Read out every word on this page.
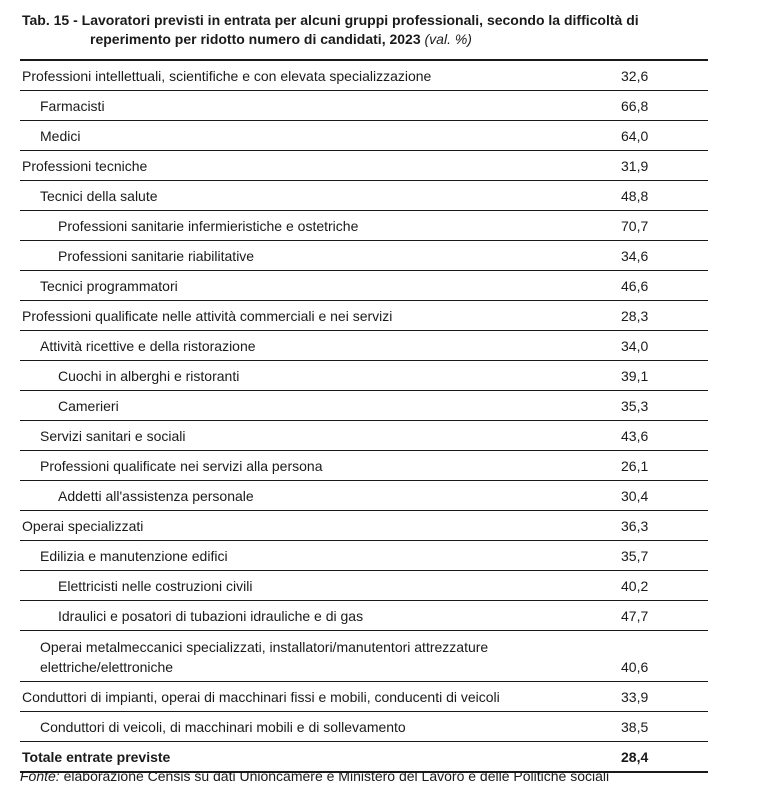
Tab. 15 - Lavoratori previsti in entrata per alcuni gruppi professionali, secondo la difficoltà di
reperimento per ridotto numero di candidati, 2023 (val. %)
Professioni intellettuali, scientifiche e con elevata specializzazione	32,6
Farmacisti	66,8
Medici	64,0
Professioni tecniche	31,9
Tecnici della salute	48,8
Professioni sanitarie infermieristiche e ostetriche	70,7
Professioni sanitarie riabilitative	34,6
Tecnici programmatori	46,6
Professioni qualificate nelle attività commerciali e nei servizi	28,3
Attività ricettive e della ristorazione	34,0
Cuochi in alberghi e ristoranti	39,1
Camerieri	35,3
Servizi sanitari e sociali	43,6
Professioni qualificate nei servizi alla persona	26,1
Addetti all'assistenza personale	30,4
Operai specializzati	36,3
Edilizia e manutenzione edifici	35,7
Elettricisti nelle costruzioni civili	40,2
Idraulici e posatori di tubazioni idrauliche e di gas	47,7
Operai metalmeccanici specializzati, installatori/manutentori attrezzature elettriche/elettroniche	40,6
Conduttori di impianti, operai di macchinari fissi e mobili, conducenti di veicoli	33,9
Conduttori di veicoli, di macchinari mobili e di sollevamento	38,5
Totale entrate previste	28,4
Fonte: elaborazione Censis su dati Unioncamere e Ministero del Lavoro e delle Politiche sociali
